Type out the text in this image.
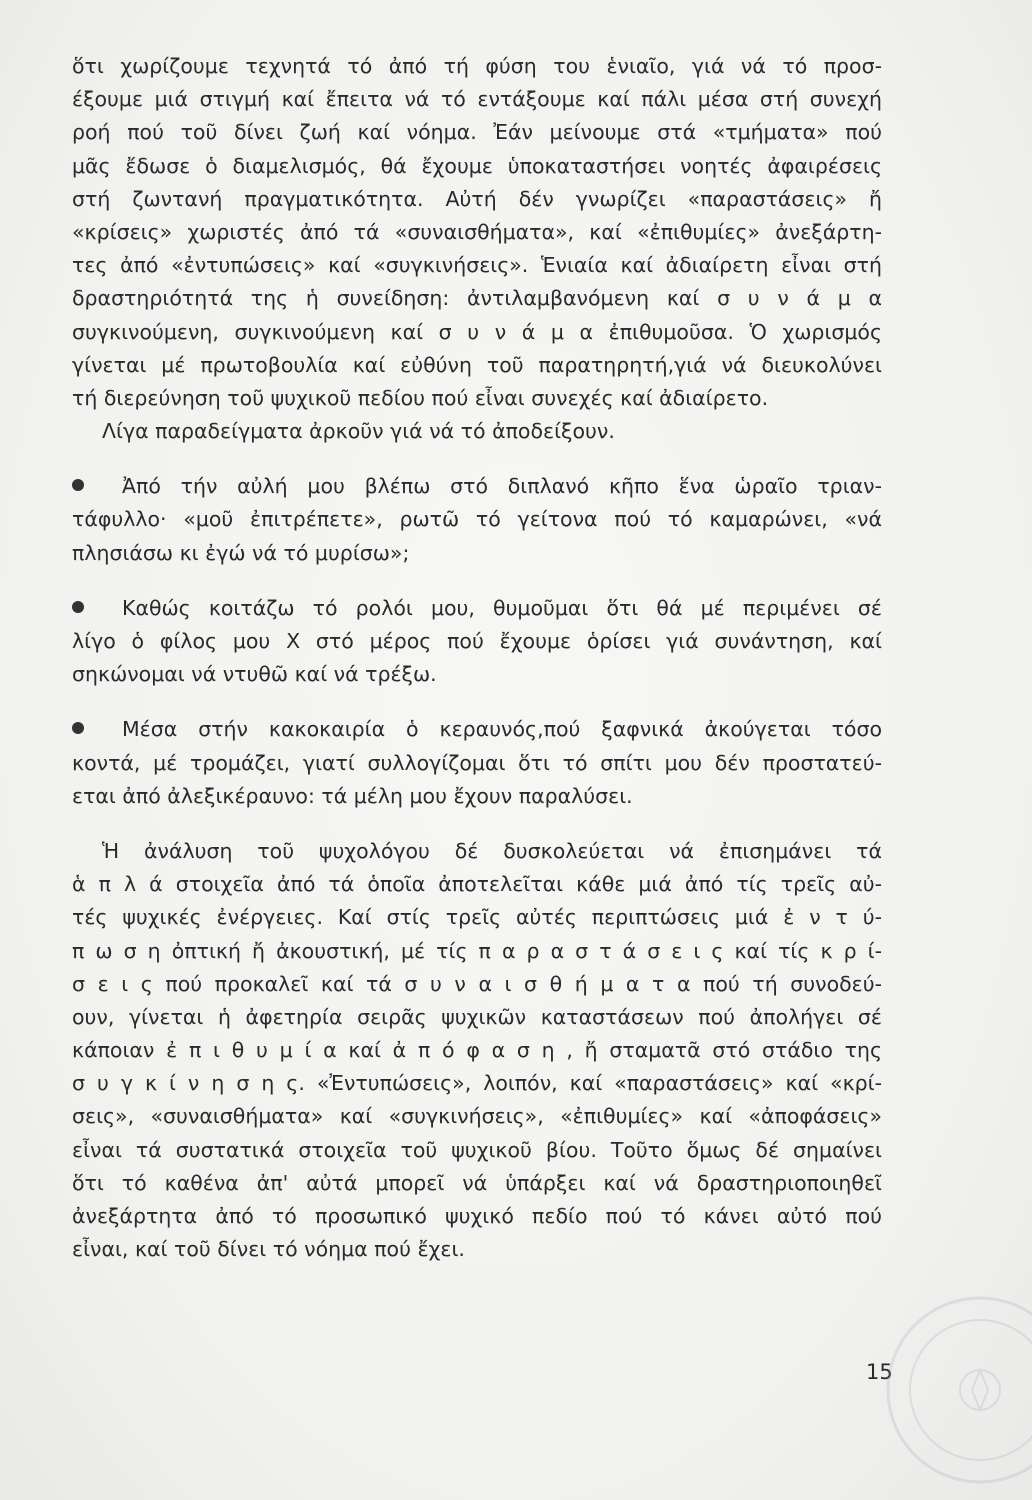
ὅτι χωρίζουμε τεχνητά τό ἀπό τή φύση του ἑνιαῖο, γιά νά τό προσ-
έξουμε μιά στιγμή καί ἔπειτα νά τό εντάξουμε καί πάλι μέσα στή συνεχή
ροή πού τοῦ δίνει ζωή καί νόημα. Ἐάν μείνουμε στά «τμήματα» πού
μᾶς ἔδωσε ὁ διαμελισμός, θά ἔχουμε ὑποκαταστήσει νοητές ἀφαιρέσεις
στή ζωντανή πραγματικότητα. Αὐτή δέν γνωρίζει «παραστάσεις» ἤ
«κρίσεις» χωριστές ἀπό τά «συναισθήματα», καί «ἐπιθυμίες» ἀνεξάρτη-
τες ἀπό «ἐντυπώσεις» καί «συγκινήσεις». Ἑνιαία καί ἀδιαίρετη εἶναι στή
δραστηριότητά της ἡ συνείδηση: ἀντιλαμβανόμενη καί σ υ ν ά μ α
συγκινούμενη, συγκινούμενη καί σ υ ν ά μ α ἐπιθυμοῦσα. Ὁ χωρισμός
γίνεται μέ πρωτοβουλία καί εὐθύνη τοῦ παρατηρητή,γιά νά διευκολύνει
τή διερεύνηση τοῦ ψυχικοῦ πεδίου πού εἶναι συνεχές καί ἀδιαίρετο.
Λίγα παραδείγματα ἀρκοῦν γιά νά τό ἀποδείξουν.
Ἀπό τήν αὐλή μου βλέπω στό διπλανό κῆπο ἕνα ὡραῖο τριαν-
τάφυλλο· «μοῦ ἐπιτρέπετε», ρωτῶ τό γείτονα πού τό καμαρώνει, «νά
πλησιάσω κι ἐγώ νά τό μυρίσω»;
Καθώς κοιτάζω τό ρολόι μου, θυμοῦμαι ὅτι θά μέ περιμένει σέ
λίγο ὁ φίλος μου Χ στό μέρος πού ἔχουμε ὁρίσει γιά συνάντηση, καί
σηκώνομαι νά ντυθῶ καί νά τρέξω.
Μέσα στήν κακοκαιρία ὁ κεραυνός,πού ξαφνικά ἀκούγεται τόσο
κοντά, μέ τρομάζει, γιατί συλλογίζομαι ὅτι τό σπίτι μου δέν προστατεύ-
εται ἀπό ἀλεξικέραυνο: τά μέλη μου ἔχουν παραλύσει.
Ἡ ἀνάλυση τοῦ ψυχολόγου δέ δυσκολεύεται νά ἐπισημάνει τά
ἁ π λ ά στοιχεῖα ἀπό τά ὁποῖα ἀποτελεῖται κάθε μιά ἀπό τίς τρεῖς αὐ-
τές ψυχικές ἐνέργειες. Καί στίς τρεῖς αὐτές περιπτώσεις μιά ἐ ν τ ύ-
π ω σ η ὀπτική ἤ ἀκουστική, μέ τίς π α ρ α σ τ ά σ ε ι ς καί τίς κ ρ ί-
σ ε ι ς πού προκαλεῖ καί τά σ υ ν α ι σ θ ή μ α τ α πού τή συνοδεύ-
ουν, γίνεται ἡ ἀφετηρία σειρᾶς ψυχικῶν καταστάσεων πού ἀπολήγει σέ
κάποιαν ἐ π ι θ υ μ ί α καί ἀ π ό φ α σ η , ἤ σταματᾶ στό στάδιο της
σ υ γ κ ί ν η σ η ς. «Ἐντυπώσεις», λοιπόν, καί «παραστάσεις» καί «κρί-
σεις», «συναισθήματα» καί «συγκινήσεις», «ἐπιθυμίες» καί «ἀποφάσεις»
εἶναι τά συστατικά στοιχεῖα τοῦ ψυχικοῦ βίου. Τοῦτο ὅμως δέ σημαίνει
ὅτι τό καθένα ἀπ' αὐτά μπορεῖ νά ὑπάρξει καί νά δραστηριοποιηθεῖ
ἀνεξάρτητα ἀπό τό προσωπικό ψυχικό πεδίο πού τό κάνει αὐτό πού
εἶναι, καί τοῦ δίνει τό νόημα πού ἔχει.
15
